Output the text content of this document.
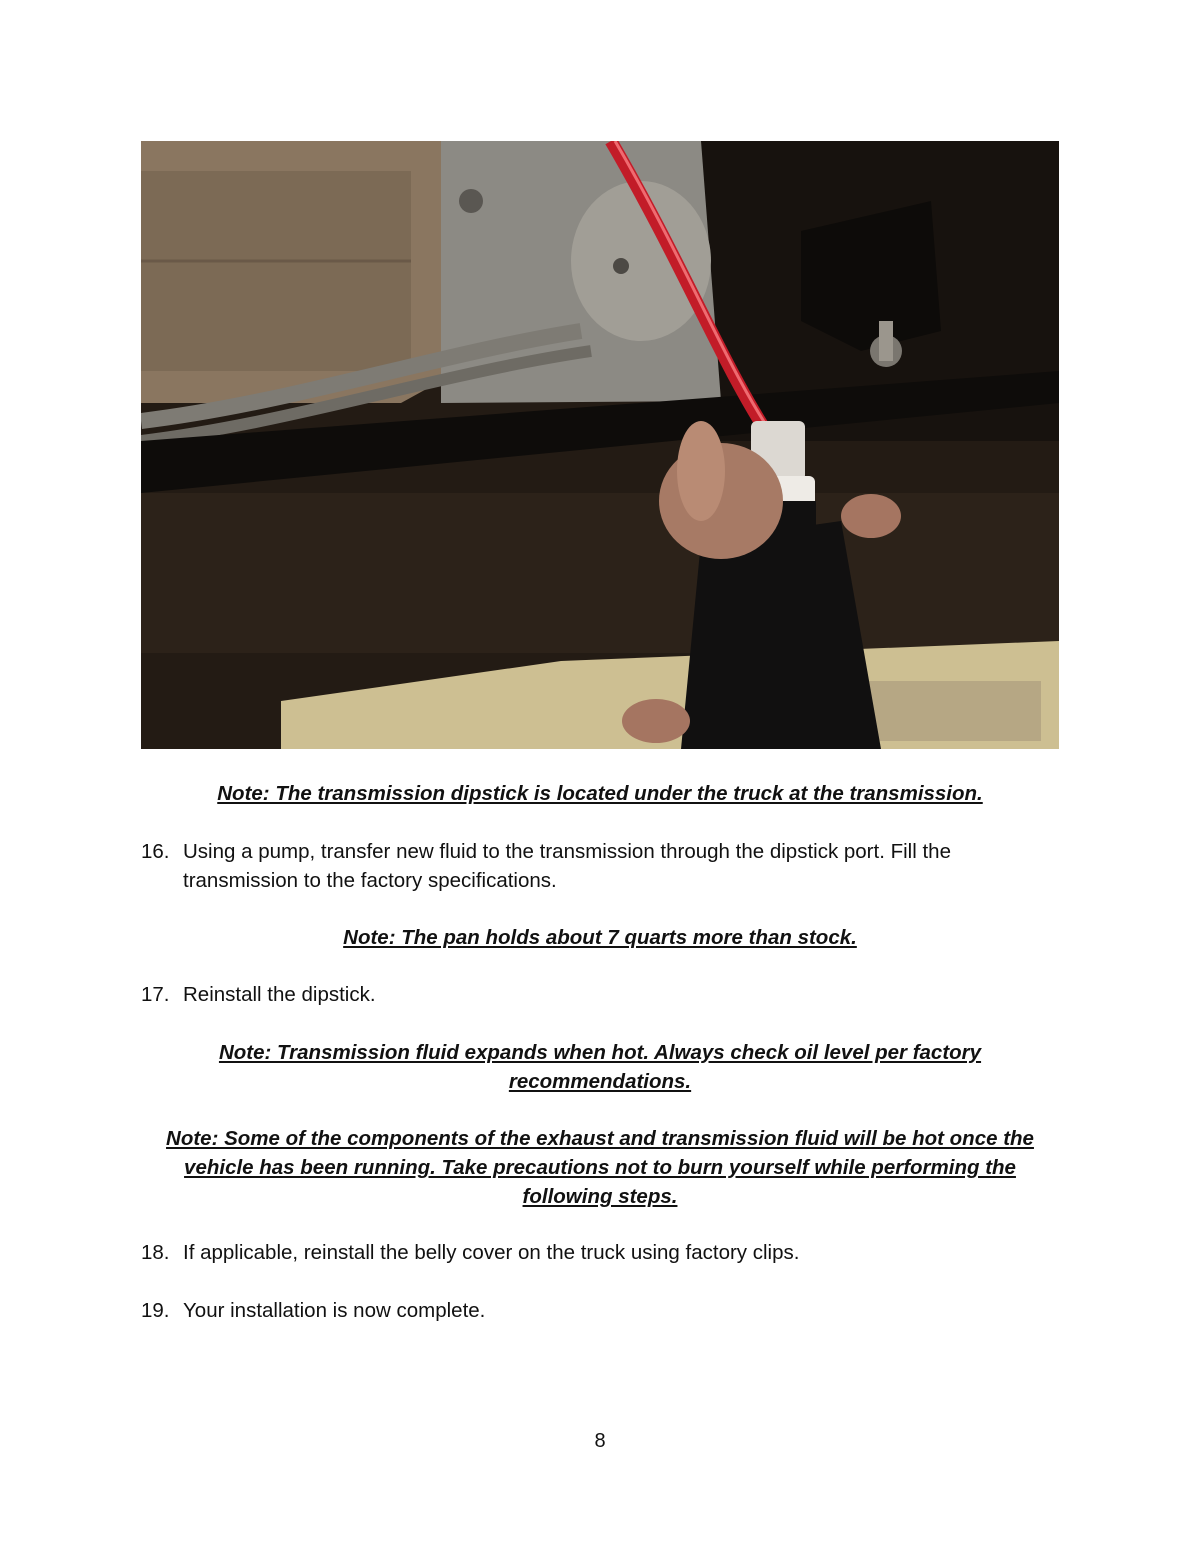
Note: The transmission dipstick is located under the truck at the transmission.
16. Using a pump, transfer new fluid to the transmission through the dipstick port. Fill the
transmission to the factory specifications.
Note: The pan holds about 7 quarts more than stock.
17. Reinstall the dipstick.
Note: Transmission fluid expands when hot. Always check oil level per factory
recommendations.
Note: Some of the components of the exhaust and transmission fluid will be hot once the
vehicle has been running. Take precautions not to burn yourself while performing the
following steps.
18. If applicable, reinstall the belly cover on the truck using factory clips.
19. Your installation is now complete.
8
